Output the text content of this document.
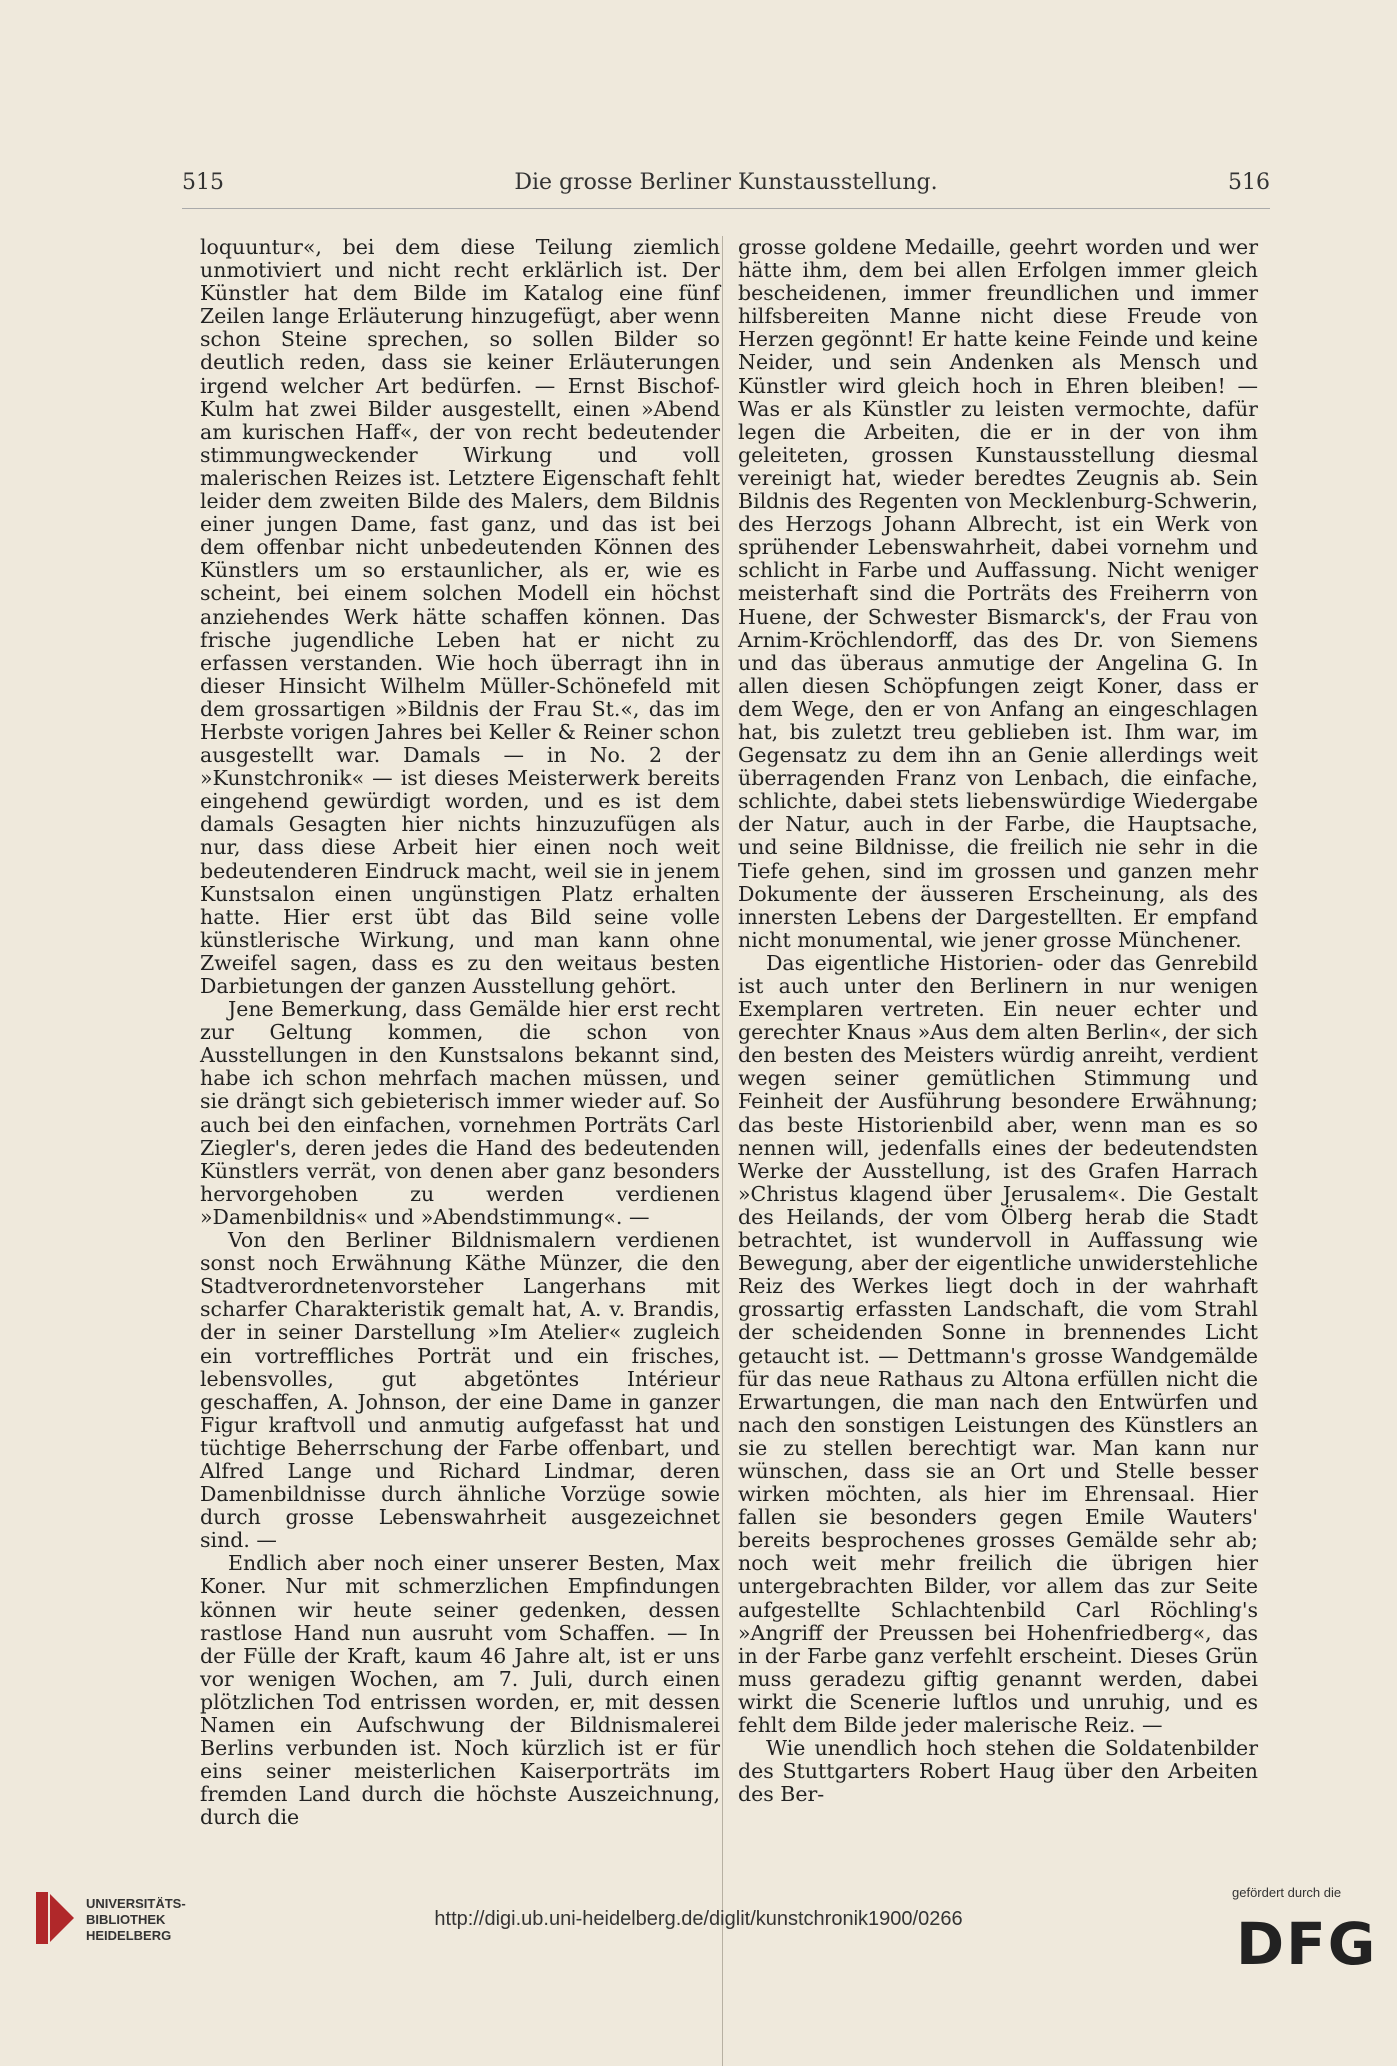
515	Die grosse Berliner Kunstausstellung.	516

loquuntur«, bei dem diese Teilung ziemlich unmotiviert und nicht recht erklärlich ist. Der Künstler hat dem Bilde im Katalog eine fünf Zeilen lange Erläuterung hinzugefügt, aber wenn schon Steine sprechen, so sollen Bilder so deutlich reden, dass sie keiner Erläuterungen irgend welcher Art bedürfen. — Ernst Bischof-Kulm hat zwei Bilder ausgestellt, einen »Abend am kurischen Haff«, der von recht bedeutender stimmungweckender Wirkung und voll malerischen Reizes ist. Letztere Eigenschaft fehlt leider dem zweiten Bilde des Malers, dem Bildnis einer jungen Dame, fast ganz, und das ist bei dem offenbar nicht unbedeutenden Können des Künstlers um so erstaunlicher, als er, wie es scheint, bei einem solchen Modell ein höchst anziehendes Werk hätte schaffen können. Das frische jugendliche Leben hat er nicht zu erfassen verstanden. Wie hoch überragt ihn in dieser Hinsicht Wilhelm Müller-Schönefeld mit dem grossartigen »Bildnis der Frau St.«, das im Herbste vorigen Jahres bei Keller & Reiner schon ausgestellt war. Damals — in No. 2 der »Kunstchronik« — ist dieses Meisterwerk bereits eingehend gewürdigt worden, und es ist dem damals Gesagten hier nichts hinzuzufügen als nur, dass diese Arbeit hier einen noch weit bedeutenderen Eindruck macht, weil sie in jenem Kunstsalon einen ungünstigen Platz erhalten hatte. Hier erst übt das Bild seine volle künstlerische Wirkung, und man kann ohne Zweifel sagen, dass es zu den weitaus besten Darbietungen der ganzen Ausstellung gehört.

Jene Bemerkung, dass Gemälde hier erst recht zur Geltung kommen, die schon von Ausstellungen in den Kunstsalons bekannt sind, habe ich schon mehrfach machen müssen, und sie drängt sich gebieterisch immer wieder auf. So auch bei den einfachen, vornehmen Porträts Carl Ziegler's, deren jedes die Hand des bedeutenden Künstlers verrät, von denen aber ganz besonders hervorgehoben zu werden verdienen »Damenbildnis« und »Abendstimmung«. —

Von den Berliner Bildnismalern verdienen sonst noch Erwähnung Käthe Münzer, die den Stadtverordnetenvorsteher Langerhans mit scharfer Charakteristik gemalt hat, A. v. Brandis, der in seiner Darstellung »Im Atelier« zugleich ein vortreffliches Porträt und ein frisches, lebensvolles, gut abgetöntes Intérieur geschaffen, A. Johnson, der eine Dame in ganzer Figur kraftvoll und anmutig aufgefasst hat und tüchtige Beherrschung der Farbe offenbart, und Alfred Lange und Richard Lindmar, deren Damenbildnisse durch ähnliche Vorzüge sowie durch grosse Lebenswahrheit ausgezeichnet sind. —

Endlich aber noch einer unserer Besten, Max Koner. Nur mit schmerzlichen Empfindungen können wir heute seiner gedenken, dessen rastlose Hand nun ausruht vom Schaffen. — In der Fülle der Kraft, kaum 46 Jahre alt, ist er uns vor wenigen Wochen, am 7. Juli, durch einen plötzlichen Tod entrissen worden, er, mit dessen Namen ein Aufschwung der Bildnismalerei Berlins verbunden ist. Noch kürzlich ist er für eins seiner meisterlichen Kaiserporträts im fremden Land durch die höchste Auszeichnung, durch die

grosse goldene Medaille, geehrt worden und wer hätte ihm, dem bei allen Erfolgen immer gleich bescheidenen, immer freundlichen und immer hilfsbereiten Manne nicht diese Freude von Herzen gegönnt! Er hatte keine Feinde und keine Neider, und sein Andenken als Mensch und Künstler wird gleich hoch in Ehren bleiben! — Was er als Künstler zu leisten vermochte, dafür legen die Arbeiten, die er in der von ihm geleiteten, grossen Kunstausstellung diesmal vereinigt hat, wieder beredtes Zeugnis ab. Sein Bildnis des Regenten von Mecklenburg-Schwerin, des Herzogs Johann Albrecht, ist ein Werk von sprühender Lebenswahrheit, dabei vornehm und schlicht in Farbe und Auffassung. Nicht weniger meisterhaft sind die Porträts des Freiherrn von Huene, der Schwester Bismarck's, der Frau von Arnim-Kröchlendorff, das des Dr. von Siemens und das überaus anmutige der Angelina G. In allen diesen Schöpfungen zeigt Koner, dass er dem Wege, den er von Anfang an eingeschlagen hat, bis zuletzt treu geblieben ist. Ihm war, im Gegensatz zu dem ihn an Genie allerdings weit überragenden Franz von Lenbach, die einfache, schlichte, dabei stets liebenswürdige Wiedergabe der Natur, auch in der Farbe, die Hauptsache, und seine Bildnisse, die freilich nie sehr in die Tiefe gehen, sind im grossen und ganzen mehr Dokumente der äusseren Erscheinung, als des innersten Lebens der Dargestellten. Er empfand nicht monumental, wie jener grosse Münchener.

Das eigentliche Historien- oder das Genrebild ist auch unter den Berlinern in nur wenigen Exemplaren vertreten. Ein neuer echter und gerechter Knaus »Aus dem alten Berlin«, der sich den besten des Meisters würdig anreiht, verdient wegen seiner gemütlichen Stimmung und Feinheit der Ausführung besondere Erwähnung; das beste Historienbild aber, wenn man es so nennen will, jedenfalls eines der bedeutendsten Werke der Ausstellung, ist des Grafen Harrach »Christus klagend über Jerusalem«. Die Gestalt des Heilands, der vom Ölberg herab die Stadt betrachtet, ist wundervoll in Auffassung wie Bewegung, aber der eigentliche unwiderstehliche Reiz des Werkes liegt doch in der wahrhaft grossartig erfassten Landschaft, die vom Strahl der scheidenden Sonne in brennendes Licht getaucht ist. — Dettmann's grosse Wandgemälde für das neue Rathaus zu Altona erfüllen nicht die Erwartungen, die man nach den Entwürfen und nach den sonstigen Leistungen des Künstlers an sie zu stellen berechtigt war. Man kann nur wünschen, dass sie an Ort und Stelle besser wirken möchten, als hier im Ehrensaal. Hier fallen sie besonders gegen Emile Wauters' bereits besprochenes grosses Gemälde sehr ab; noch weit mehr freilich die übrigen hier untergebrachten Bilder, vor allem das zur Seite aufgestellte Schlachtenbild Carl Röchling's »Angriff der Preussen bei Hohenfriedberg«, das in der Farbe ganz verfehlt erscheint. Dieses Grün muss geradezu giftig genannt werden, dabei wirkt die Scenerie luftlos und unruhig, und es fehlt dem Bilde jeder malerische Reiz. —

Wie unendlich hoch stehen die Soldatenbilder des Stuttgarters Robert Haug über den Arbeiten des Ber-

UNIVERSITÄTS-
BIBLIOTHEK
HEIDELBERG
http://digi.ub.uni-heidelberg.de/diglit/kunstchronik1900/0266
gefördert durch die
DFG
